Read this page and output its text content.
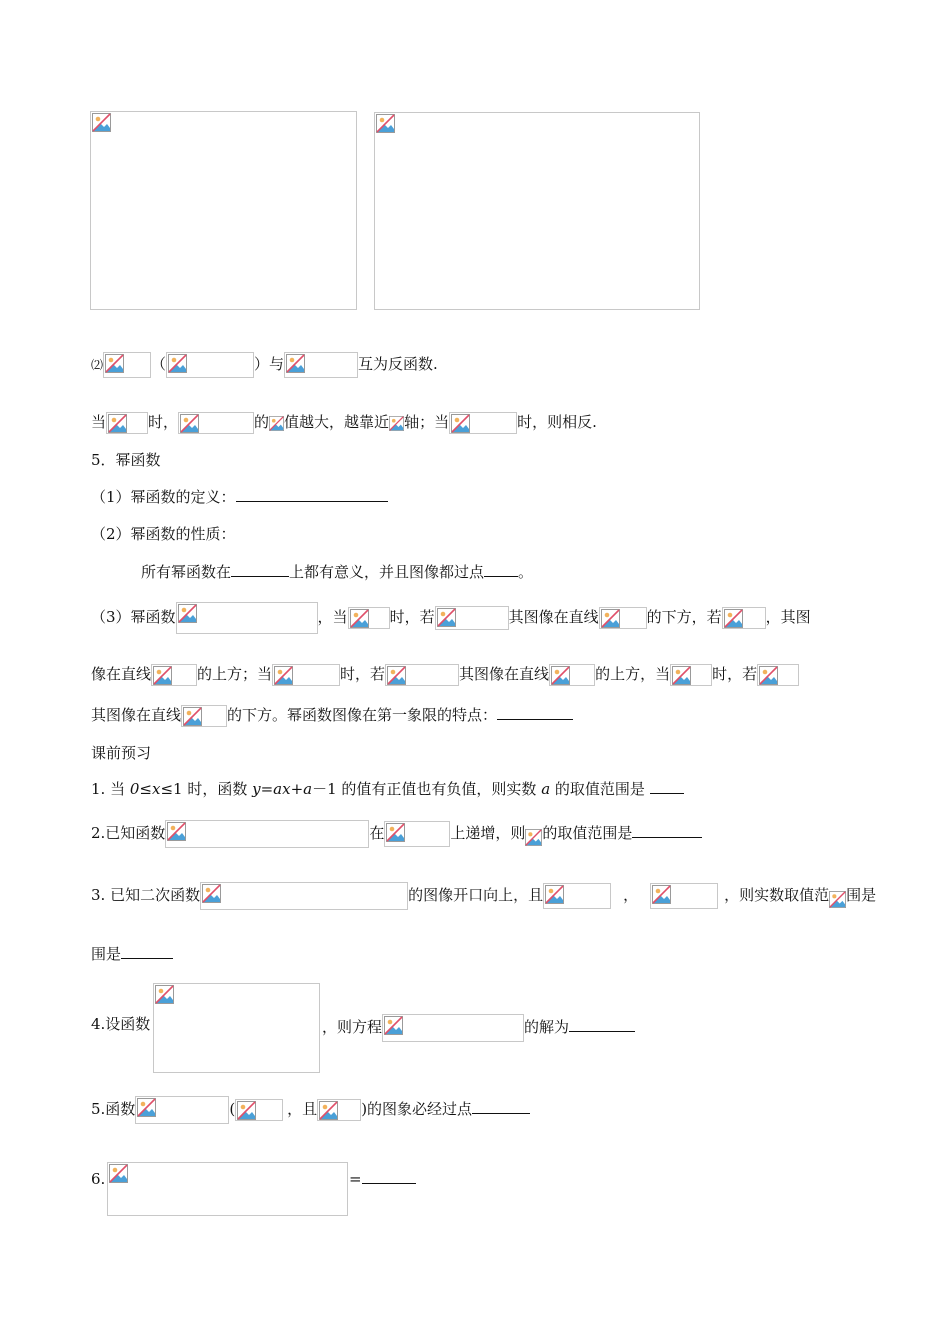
⑵	（	）与	互为反函数.
当	时，	的 值越大，越靠近 轴；当	时，则相反.
5．幂函数
（1）幂函数的定义：
（2）幂函数的性质：
所有幂函数在	上都有意义，并且图像都过点 。
（3）幂函数	，当	时，若	其图像在直线	的下方，若	，其图
像在直线	的上方；当	时，若	其图像在直线	的上方，当	时，若
其图像在直线	的下方。幂函数图像在第一象限的特点：
课前预习
1. 当 0≤x≤1 时，函数 y=ax+a－1 的值有正值也有负值，则实数 a 的取值范围是
2.已知函数	在	上递增，则 的取值范围是
3. 已知二次函数	的图像开口向上，且	，	，则实数取值范 围是
围是
4.设函数	，则方程	的解为
5.函数	(	，且	)的图象必经过点
6.	=
